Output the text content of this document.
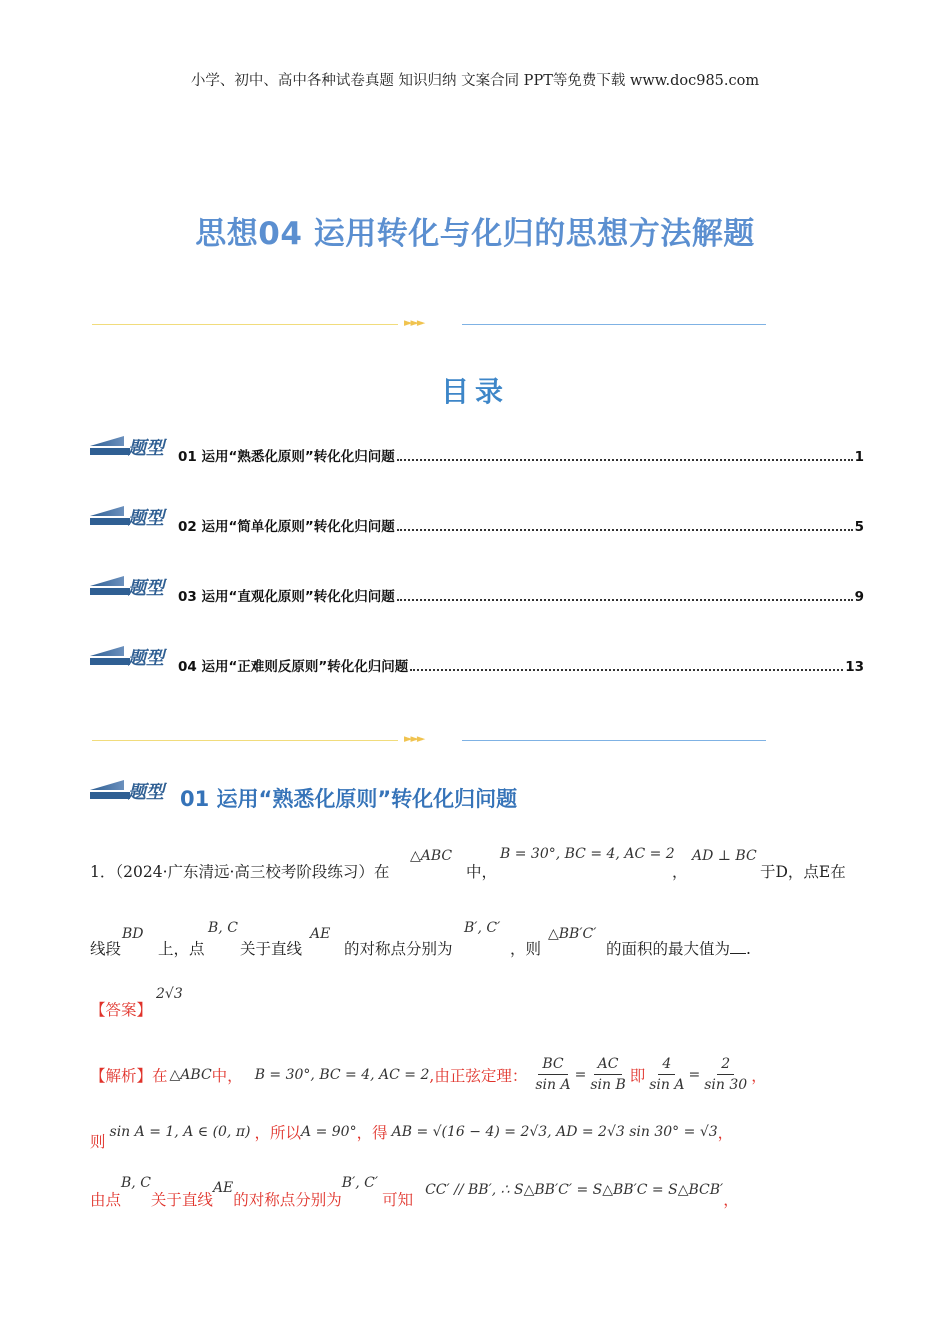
小学、初中、高中各种试卷真题 知识归纳 文案合同 PPT等免费下载 www.doc985.com
思想04 运用转化与化归的思想方法解题
►►►
目录
题型 01 运用“熟悉化原则”转化化归问题	1
题型 02 运用“简单化原则”转化化归问题	5
题型 03 运用“直观化原则”转化化归问题	9
题型 04 运用“正难则反原则”转化化归问题	13
►►►
题型 01 运用“熟悉化原则”转化化归问题
1．（2024·广东清远·高三校考阶段练习）在
△ABC
中，
B = 30°, BC = 4, AC = 2
，
AD ⊥ BC
于D，点E在
线段
BD
上，点
B, C
关于直线
AE
的对称点分别为
B′, C′
，则
△BB′C′
的面积的最大值为 .
【答案】
2√3
【解析】 在 △ABC 中， B = 30°, BC = 4, AC = 2 ,由正弦定理： $\frac{BC}{\text{sin A}} = \frac{AC}{\text{sin B}}$ 即 $\frac{4}{\text{sin A}} = \frac{2}{\sin 30}$ ，
则
sin A = 1, A ∈ (0, π) ，所以 A = 90° ，得 AB = √(16 − 4) = 2√3, AD = 2√3 sin 30° = √3 ，
由点
B, C
关于直线
AE
的对称点分别为
B′, C′
可知
CC′ // BB′, ∴ S△BB′C′ = S△BB′C = S△BCB′
，
